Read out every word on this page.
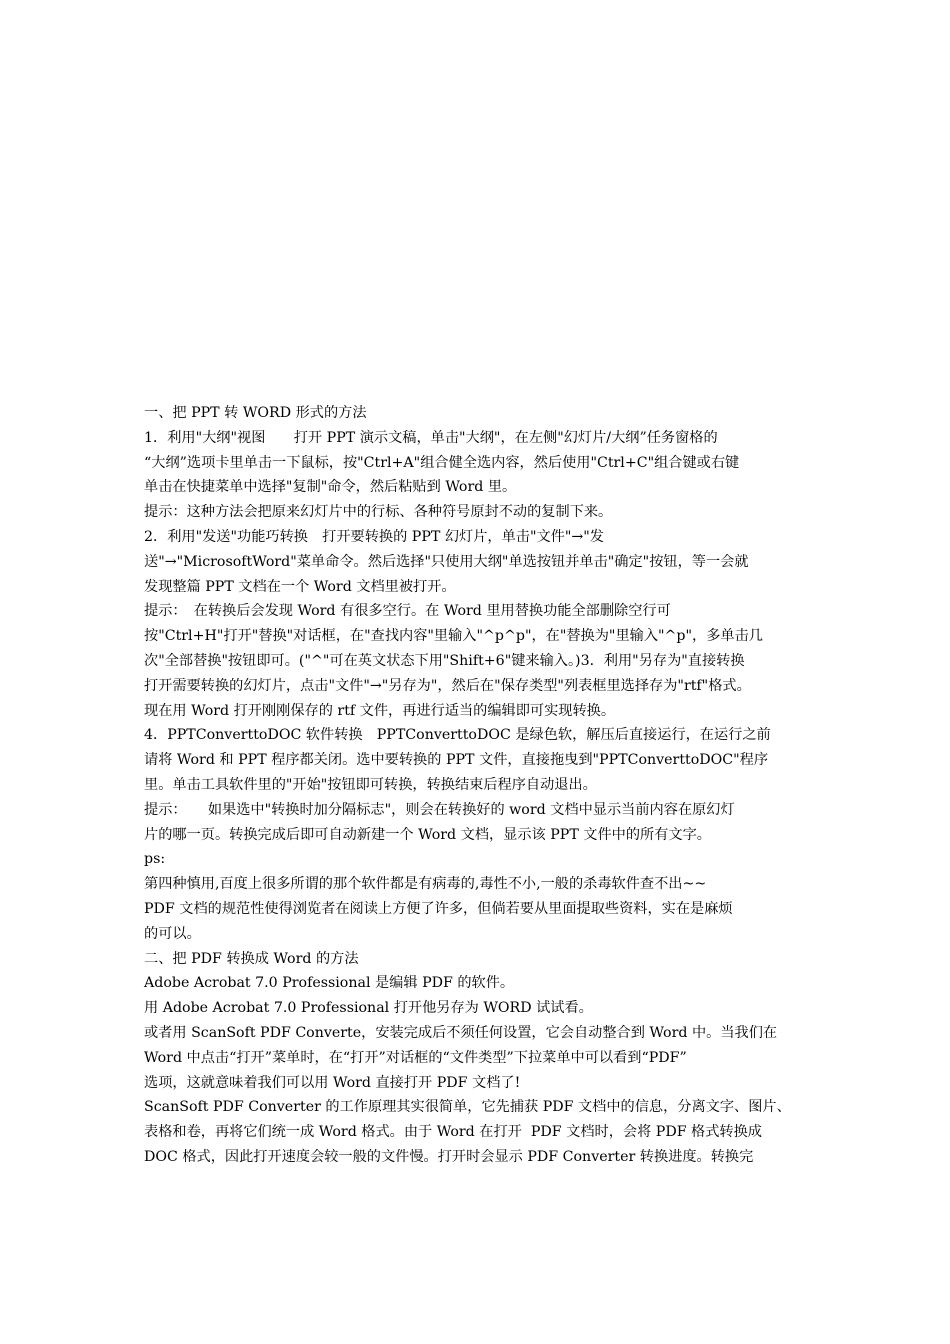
一、把 PPT 转 WORD 形式的方法
1．利用"大纲"视图　　打开 PPT 演示文稿，单击"大纲"，在左侧"幻灯片/大纲”任务窗格的
“大纲”选项卡里单击一下鼠标，按"Ctrl+A"组合健全选内容，然后使用"Ctrl+C"组合键或右键
单击在快捷菜单中选择"复制"命令，然后粘贴到 Word 里。
提示：这种方法会把原来幻灯片中的行标、各种符号原封不动的复制下来。
2．利用"发送"功能巧转换　打开要转换的 PPT 幻灯片，单击"文件"→"发
送"→"MicrosoftWord"菜单命令。然后选择"只使用大纲"单选按钮并单击"确定"按钮，等一会就
发现整篇 PPT 文档在一个 Word 文档里被打开。
提示：　在转换后会发现 Word 有很多空行。在 Word 里用替换功能全部删除空行可
按"Ctrl+H"打开"替换"对话框，在"查找内容"里输入"^p^p"，在"替换为"里输入"^p"，多单击几
次"全部替换"按钮即可。("^"可在英文状态下用"Shift+6"键来输入。)3．利用"另存为"直接转换
打开需要转换的幻灯片，点击"文件"→"另存为"，然后在"保存类型"列表框里选择存为"rtf"格式。
现在用 Word 打开刚刚保存的 rtf 文件，再进行适当的编辑即可实现转换。
4．PPTConverttoDOC 软件转换　PPTConverttoDOC 是绿色软，解压后直接运行，在运行之前
请将 Word 和 PPT 程序都关闭。选中要转换的 PPT 文件，直接拖曳到"PPTConverttoDOC"程序
里。单击工具软件里的"开始"按钮即可转换，转换结束后程序自动退出。
提示：　　如果选中"转换时加分隔标志"，则会在转换好的 word 文档中显示当前内容在原幻灯
片的哪一页。转换完成后即可自动新建一个 Word 文档，显示该 PPT 文件中的所有文字。
ps:
第四种慎用,百度上很多所谓的那个软件都是有病毒的,毒性不小,一般的杀毒软件查不出~~
PDF 文档的规范性使得浏览者在阅读上方便了许多，但倘若要从里面提取些资料，实在是麻烦
的可以。
二、把 PDF 转换成 Word 的方法
Adobe Acrobat 7.0 Professional 是编辑 PDF 的软件。
用 Adobe Acrobat 7.0 Professional 打开他另存为 WORD 试试看。
或者用 ScanSoft PDF Converte，安装完成后不须任何设置，它会自动整合到 Word 中。当我们在
Word 中点击“打开”菜单时，在“打开”对话框的“文件类型”下拉菜单中可以看到“PDF”
选项，这就意味着我们可以用 Word 直接打开 PDF 文档了!
ScanSoft PDF Converter 的工作原理其实很简单，它先捕获 PDF 文档中的信息，分离文字、图片、
表格和卷，再将它们统一成 Word 格式。由于 Word 在打开  PDF 文档时，会将 PDF 格式转换成
DOC 格式，因此打开速度会较一般的文件慢。打开时会显示 PDF Converter 转换进度。转换完
